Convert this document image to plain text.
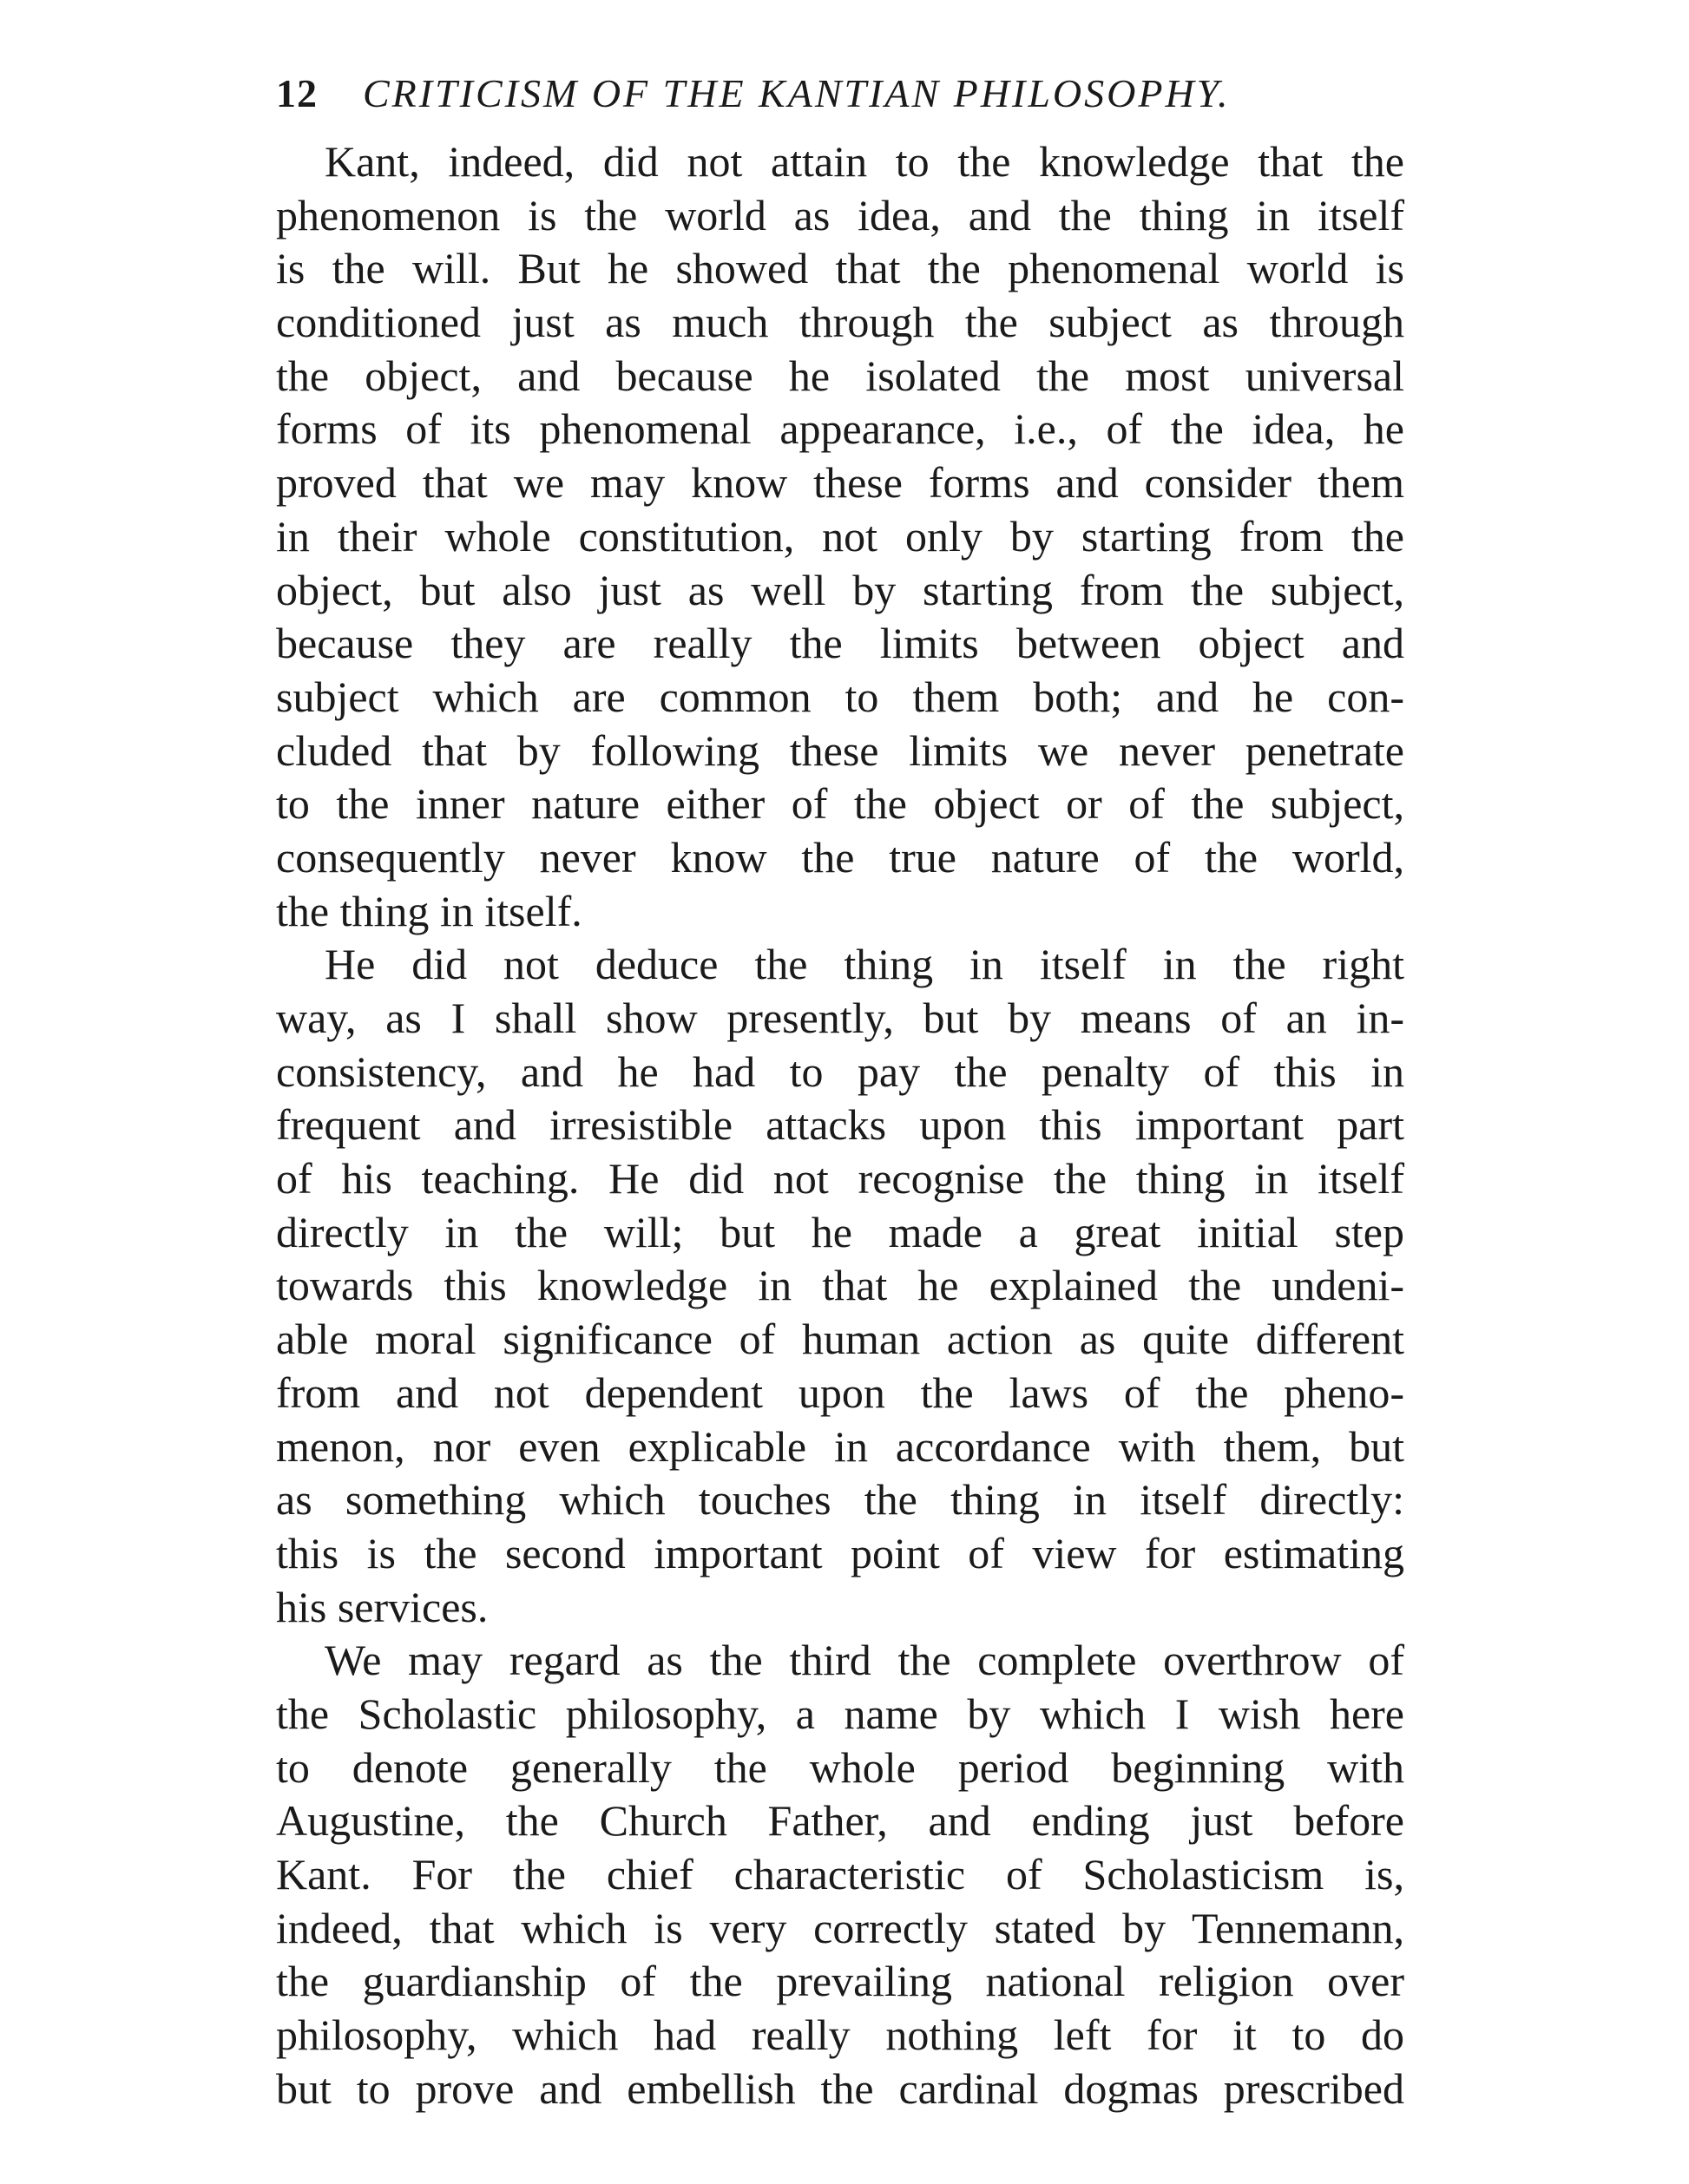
12 CRITICISM OF THE KANTIAN PHILOSOPHY.
Kant, indeed, did not attain to the knowledge that the
phenomenon is the world as idea, and the thing in itself
is the will. But he showed that the phenomenal world is
conditioned just as much through the subject as through
the object, and because he isolated the most universal
forms of its phenomenal appearance, i.e., of the idea, he
proved that we may know these forms and consider them
in their whole constitution, not only by starting from the
object, but also just as well by starting from the subject,
because they are really the limits between object and
subject which are common to them both; and he con-
cluded that by following these limits we never penetrate
to the inner nature either of the object or of the subject,
consequently never know the true nature of the world,
the thing in itself.
He did not deduce the thing in itself in the right
way, as I shall show presently, but by means of an in-
consistency, and he had to pay the penalty of this in
frequent and irresistible attacks upon this important part
of his teaching. He did not recognise the thing in itself
directly in the will; but he made a great initial step
towards this knowledge in that he explained the undeni-
able moral significance of human action as quite different
from and not dependent upon the laws of the pheno-
menon, nor even explicable in accordance with them, but
as something which touches the thing in itself directly:
this is the second important point of view for estimating
his services.
We may regard as the third the complete overthrow of
the Scholastic philosophy, a name by which I wish here
to denote generally the whole period beginning with
Augustine, the Church Father, and ending just before
Kant. For the chief characteristic of Scholasticism is,
indeed, that which is very correctly stated by Tennemann,
the guardianship of the prevailing national religion over
philosophy, which had really nothing left for it to do
but to prove and embellish the cardinal dogmas prescribed
